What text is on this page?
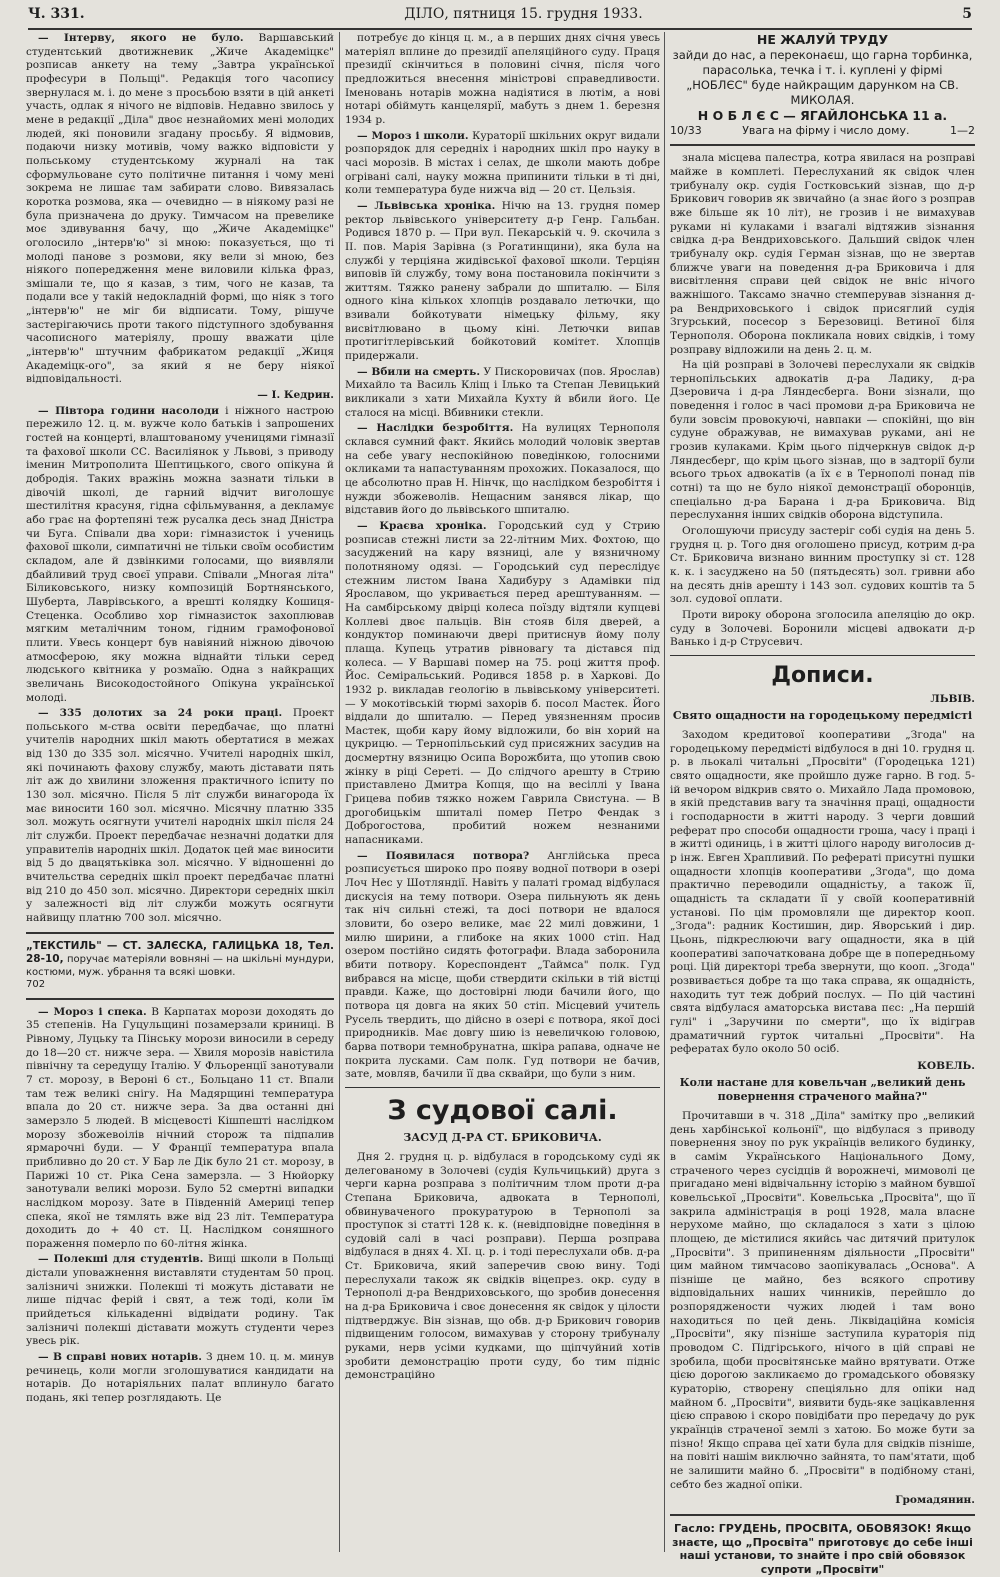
Ч. 331.	ДІЛО, пятниця 15. грудня 1933.	5

— Інтерву, якого не було. Варшавський студентський двотижневик „Жиче Академіцкє" розписав анкету на тему „Завтра української професури в Польщі". Редакція того часопису звернулася м. і. до мене з просьбою взяти в цій анкеті участь, одлак я нічого не відповів. Недавно звилось у мене в редакції „Діла" двоє незнайомих мені молодих людей, які поновили згадану просьбу. Я відмовив, подаючи низку мотивів, чому важко відповісти у польському студентському журналі на так сформульоване суто політичне питання і чому мені зокрема не лишає там забирати слово. Вивязалась коротка розмова, яка — очевидно — в ніякому разі не була призначена до друку. Тимчасом на превеликe моє здивування бачу, що „Жиче Академіцкє" оголосило „інтерв'ю" зі мною: показується, що ті молоді панове з розмови, яку вели зі мною, без ніякого попередження мене виловили кілька фраз, змішали те, що я казав, з тим, чого не казав, та подали все у такій недокладній формі, що ніяк з того „інтерв'ю" не міг би відписати. Тому, рішуче застерігаючись проти такого підступного здобування часописного матеріялу, прошу вважати ціле „інтерв'ю" штучним фабрикатом редакції „Жиця Академіцк-ого", за який я не беру ніякої відповідальності.

— І. Кедрин.

— Півтора години насолоди і ніжного настрою пережило 12. ц. м. вужче коло батьків і запрошених гостей на концерті, влаштованому ученицями гімназії та фахової школи СС. Василіянок у Львові, з приводу іменин Митрополита Шептицького, свого опікуна й добродія. Таких вражінь можна зазнати тільки в дівочій школі, де гарний відчит виголошує шестилітня красуня, гідна сфільмування, а декламує або грає на фортепяні теж русалка десь знад Дністра чи Буга. Співали два хори: гімназисток і учениць фахової школи, симпатичні не тільки своїм особистим складом, але й дзвінкими голосами, що виявляли дбайливий труд своєї управи. Співали „Многая літа" Біликовського, низку композицій Бортнянського, Шуберта, Лаврівського, а врешті колядку Кошиця-Стеценка. Особливо хор гімназисток захоплював мягким металічним тоном, гідним грамофонової плити. Увесь концерт був навіяний ніжною дівочою атмосферою, яку можна віднайти тільки серед людського квітника у розмаїю. Одна з найкращих звеличань Високодостойного Опікуна української молоді.

— 335 долотих за 24 роки праці. Проект польського м-ства освіти передбачає, що платні учителів народних шкіл мають обертатися в межах від 130 до 335 зол. місячно. Учителі народніх шкіл, які починають фахову службу, мають діставати пять літ аж до хвилини зложення практичного іспиту по 130 зол. місячно. Після 5 літ служби винагорода їх має виносити 160 зол. місячно. Місячну платню 335 зол. можуть осягнути учителі народніх шкіл після 24 літ служби. Проект передбачає незначні додатки для управителів народніх шкіл. Додаток цей має виносити від 5 до двацятьківка зол. місячно. У відношенні до вчительства середніх шкіл проект передбачає платні від 210 до 450 зол. місячно. Директори середніх шкіл у залежності від літ служби можуть осягнути найвищу платню 700 зол. місячно.

„ТЕКСТИЛЬ" — СТ. ЗАЛЄСКА, ГАЛИЦЬКА 18, Тел. 28-10, поручає матеріяли вовняні — на шкільні мундури, костюми, муж. убрання та всякі шовки.
702

— Мороз і спека. В Карпатах морози доходять до 35 степенів. На Гуцульщині позамерзали криниці. В Рівному, Луцьку та Пінську морози виносили в середу до 18—20 ст. нижче зера. — Хвиля морозів навістила північну та середущу Італію. У Фльоренції занотували 7 ст. морозу, в Вероні 6 ст., Больцано 11 ст. Впали там теж великі снігу. На Мадярщині температура впала до 20 ст. нижче зера. За два останні дні замерзло 5 людей. В місцевості Кішпешті наслідком морозу збожевоілів нічний сторож та підпалив ярмарочні буди. — У Франції температура впала прибливно до 20 ст. У Бар ле Дік було 21 ст. морозу, в Парижі 10 ст. Ріка Сена замерзла. — З Нюйорку занотували великі морози. Було 52 смертні випадки наслідком морозу. Зате в Південній Америці тепер спека, якої не тямлять вже від 23 літ. Температура доходить до + 40 ст. Ц. Наслідком соняшного пораження померло по 60-літня жінка.

— Полекші для студентів. Вищі школи в Польщі дістали уповажнення виставляти студентам 50 проц. залізничі знижки. Полекші ті можуть діставати не лише підчас ферій і свят, а теж тоді, коли їм прийдеться кількаденні відвідати родину. Так залізничі полекші діставати можуть студенти через увесь рік.

— В справі нових нотарів. З днем 10. ц. м. минув речинець, коли могли зголошуватися кандидати на нотарів. До нотаріяльних палат вплинуло багато подань, які тепер розглядають. Це

потребує до кінця ц. м., а в перших днях січня увесь матеріял вплине до президії апеляційного суду. Праця президії скінчиться в половині січня, після чого предложиться внесення міністрові справедливости. Іменовань нотарів можна надіятися в лютім, а нові нотарі обіймуть канцелярії, мабуть з днем 1. березня 1934 р.

— Мороз і школи. Кураторії шкільних округ видали розпорядок для середніх і народних шкіл про науку в часі морозів. В містах і селах, де школи мають добре огрівані салі, науку можна припинити тільки в ті дні, коли температура буде нижча від — 20 ст. Цельзія.

— Львівська хроніка. Нічю на 13. грудня помер ректор львівського університету д-р Генр. Гальбан. Родився 1870 р. — При вул. Пекарській ч. 9. скочила з ІІ. пов. Марія Зарівна (з Рогатинщини), яка була на службі у терціяна жидівської фахової школи. Терціян виповів їй службу, тому вона постановила покінчити з життям. Тяжко ранену забрали до шпиталю. — Біля одного кіна кількох хлопців роздавало летючки, що взивали бойкотувати німецьку фільму, яку висвітлювано в цьому кіні. Летючки випав протигітлерівський бойкотовий комітет. Хлопців придержали.

— Вбили на смерть. У Пискоровичах (пов. Ярослав) Михайло та Василь Кліщ і Ілько та Степан Левицький викликали з хати Михайла Кухту й вбили його. Це сталося на місці. Вбивники стекли.

— Наслідки безробіття. На вулицях Тернополя склався сумний факт. Якийсь молодий чоловік звертав на себе увагу неспокійною поведінкою, голосними окликами та напастуванням прохожих. Показалося, що це абсолютно прав Н. Нінчк, що наслідком безробіття і нужди збожеволів. Нещасним занявся лікар, що відставив його до львівського шпиталю.

— Краєва хроніка. Городський суд у Стрию розписав стежні листи за 22-літним Мих. Фохтою, що засуджений на кару вязниці, але у вязничному полотняному одязі. — Городський суд переслідує стежним листом Івана Хадибуру з Адамівки під Ярославом, що укривається перед арештуванням. — На самбірському двірці колеса поїзду відтяли купцеві Коллеві двоє пальців. Він стояв біля дверей, а кондуктор поминаючи двері притиснув йому полу плаща. Купець утратив рівновагу та дістався під колеса. — У Варшаві помер на 75. році життя проф. Йос. Семіральський. Родився 1858 р. в Харкові. До 1932 р. викладав геологію в львівському університеті. — У мокотівській тюрмі захорів б. посол Мастек. Його віддали до шпиталю. — Перед увязненням просив Мастек, щоби кару йому відложили, бо він хорий на цукрицю. — Тернопільський суд присяжних засудив на досмертну вязницю Осипа Ворожбита, що утопив свою жінку в ріці Сереті. — До слідчого арешту в Стрию приставлено Дмитра Копця, що на весіллі у Івана Грицева побив тяжко ножем Гаврила Свистуна. — В дрогобицькім шпиталі помер Петро Фендак з Доброгостова, пробитий ножем незнаними напасниками.

— Появилася потвора? Англійська преса розписується широко про появу водної потвори в озері Лоч Нес у Шотляндії. Навіть у палаті громад відбулася дискусія на тему потвори. Озера пильнують як день так ніч сильні стежі, та досі потвори не вдалося зловити, бо озеро велике, має 22 милі довжини, 1 милю ширини, а глибоке на яких 1000 стіп. Над озером постійно сидять фотографи. Влада заборонила вбити потвору. Кореспондент „Таймса" полк. Гуд вибрався на місце, щоби ствердити скільки в тій вістці правди. Каже, що достовірні люди бачили його, що потвора ця довга на яких 50 стіп. Місцевий учитель Русель твердить, що дійсно в озері є потвора, якої досі природників. Має довгу шию із невеличкою головою, барва потвори темнобрунатна, шкіра рапава, одначе не покрита лусками. Сам полк. Гуд потвори не бачив, зате, мовляв, бачили її два сквайри, що були з ним.

З судової салі.
ЗАСУД Д-РА СТ. БРИКОВИЧА.

Дня 2. грудня ц. р. відбулася в городському суді як делегованому в Золочеві (судія Кульчицький) друга з черги карна розправа з політичним тлом проти д-ра Степана Бриковича, адвоката в Тернополі, обвинуваченого прокуратурою в Тернополі за проступок зі статті 128 к. к. (невідповідне поведіння в судовій салі в часі розправи). Перша розправа відбулася в днях 4. ХІ. ц. р. і тоді переслухали обв. д-ра Ст. Бриковича, який заперечив свою вину. Тоді переслухали також як свідків віцепрез. окр. суду в Тернополі д-ра Вендриховського, що зробив донесення на д-ра Бриковича і своє донесення як свідок у цілости підтверджує. Він зізнав, що обв. д-р Брикович говорив підвищеним голосом, вимахував у сторону трибуналу руками, нерв усіми кудками, що щіпчуйний хотів зробити демонстрацію проти суду, бо тим підніс демонстраційно

НЕ ЖАЛУЙ ТРУДУ
зайди до нас, а переконаєш, що гарна торбинка, парасолька, течка і т. і. куплені у фірмі „НОБЛЄС" буде найкращим дарунком на СВ. МИКОЛАЯ.
Н О Б Л Є С — ЯГАЙЛОНСЬКА 11 а.
10/33	Увага на фірму і число дому.	1—2

знала місцева палестра, котра явилася на розправі майже в комплеті. Переслуханий як свідок член трибуналу окр. судія Гостковський зізнав, що д-р Брикович говорив як звичайно (а знає його з розправ вже більше як 10 літ), не грозив і не вимахував руками ні кулаками і взагалі відтяжив зізнання свідка д-ра Вендриховського. Дальший свідок член трибуналу окр. судія Герман зізнав, що не звертав ближче уваги на поведення д-ра Бриковича і для висвітлення справи цей свідок не вніс нічого важнішого. Таксамо значно стемперував зізнання д-ра Вендриховського і свідок присяглий судія Згурський, посесор з Березовиці. Ветиної біля Тернополя. Оборона покликала нових свідків, і тому розправу відложили на день 2. ц. м.

На цій розправі в Золочеві переслухали як свідків тернопільських адвокатів д-ра Ладику, д-ра Дзеровича і д-ра Ляндесберга. Вони зізнали, що поведення і голос в часі промови д-ра Бриковича не були зовсім провокуючі, навпаки — спокійні, що він судуне ображував, не вимахував руками, ані не грозив кулаками. Крім цього підчеркнув свідок д-р Ляндесберг, що крім цього зізнав, що в задторії були всього трьох адвокатів (а їх є в Тернополі понад пів сотні) та що не було ніякої демонстрації оборонців, спеціально д-ра Барана і д-ра Бриковича. Від переслухання інших свідків оборона відступила.

Оголошуючи присуду застеріг собі судія на день 5. грудня ц. р. Того дня оголошено присуд, котрим д-ра Ст. Бриковича визнано винним проступку зі ст. 128 к. к. і засуджено на 50 (пятьдесять) зол. гривни або на десять днів арешту і 143 зол. судових коштів та 5 зол. судової оплати.

Проти вироку оборона зголосила апеляцію до окр. суду в Золочеві. Боронили місцеві адвокати д-р Ванько і д-р Струсевич.

Дописи.
ЛЬВІВ.
Свято ощадности на городецькому передмісті

Заходом кредитової кооперативи „Згода" на городецькому передмісті відбулося в дні 10. грудня ц. р. в льокалі читальні „Просвіти" (Городецька 121) свято ощадности, яке пройшло дуже гарно. В год. 5-ій вечором відкрив свято о. Михайло Лада промовою, в якій представив вагу та значіння праці, ощадности і господарности в житті народу. З черги довший реферат про способи ощадности гроша, часу і праці і в житті одиниць, і в житті цілого народу виголосив д-р інж. Евген Храпливий. По рефераті присутні пушки ощадности хлопців кооперативи „Згода", що дома практично переводили ощадністьу, а також її, ощадність та складати її у своїй кооперативній установі. По цім промовляли ще директор кооп. „Згода": радник Костишин, дир. Яворський і дир. Цьонь, підкреслюючи вагу ощадности, яка в цій кооперативі започаткована добре ще в попередньому році. Цій директорі треба звернути, що кооп. „Згода" розвивається добре та що така справа, як ощадність, находить тут теж добрий послух. — По цій частині свята відбулася аматорська вистава пєс: „На першій гулі" і „Заручини по смерти", що їх відіграв драматичний гурток читальні „Просвіти". На рефератах було около 50 осіб.

КОВЕЛЬ.
Коли настане для ковельчан „великий день повернення страченого майна?"

Прочитавши в ч. 318 „Діла" замітку про „великий день харбінської кольонії", що відбулася з приводу повернення зноу по рук українців великого будинку, в самім Українського Національного Дому, страченого через сусідців й ворожнечі, мимоволі це пригадано мені відвічальнну історію з майном бувшої ковельської „Просвіти". Ковельська „Просвіта", що її закрила адміністрація в році 1928, мала власне нерухоме майно, що складалося з хати з цілою площею, де містилися якийсь час дитячий притулок „Просвіти". З припиненням діяльности „Просвіти" цим майном тимчасово заопікувалась „Основа". А пізніше це майно, без всякого спротиву відповідальних наших чинників, перейшло до розпоряджености чужих людей і там воно находиться по цей день. Ліквідаційна комісія „Просвіти", яку пізніше заступила кураторія під проводом С. Підгірського, нічого в цій справі не зробила, щоби просвітянське майно врятувати. Отже цією дорогою закликаємо до громадського обовязку кураторію, створену спеціяльно для опіки над майном б. „Просвіти", виявити будь-яке зацікавлення цією справою і скоро повідібати про передачу до рук українців страченої землі з хатою. Бо може бути за пізно! Якщо справа цеї хати була для свідків пізніше, на повіті нашім виключно зайнята, то пам'ятати, щоб не залишити майно б. „Просвіти" в подібному стані, себто без жадної опіки.

Громадянин.

Гасло: ГРУДЕНЬ, ПРОСВІТА, ОБОВЯЗОК! Якщо знаєте, що „Просвіта" приготовує до себе інші наші установи, то знайте і про свій обовязок супроти „Просвіти"
